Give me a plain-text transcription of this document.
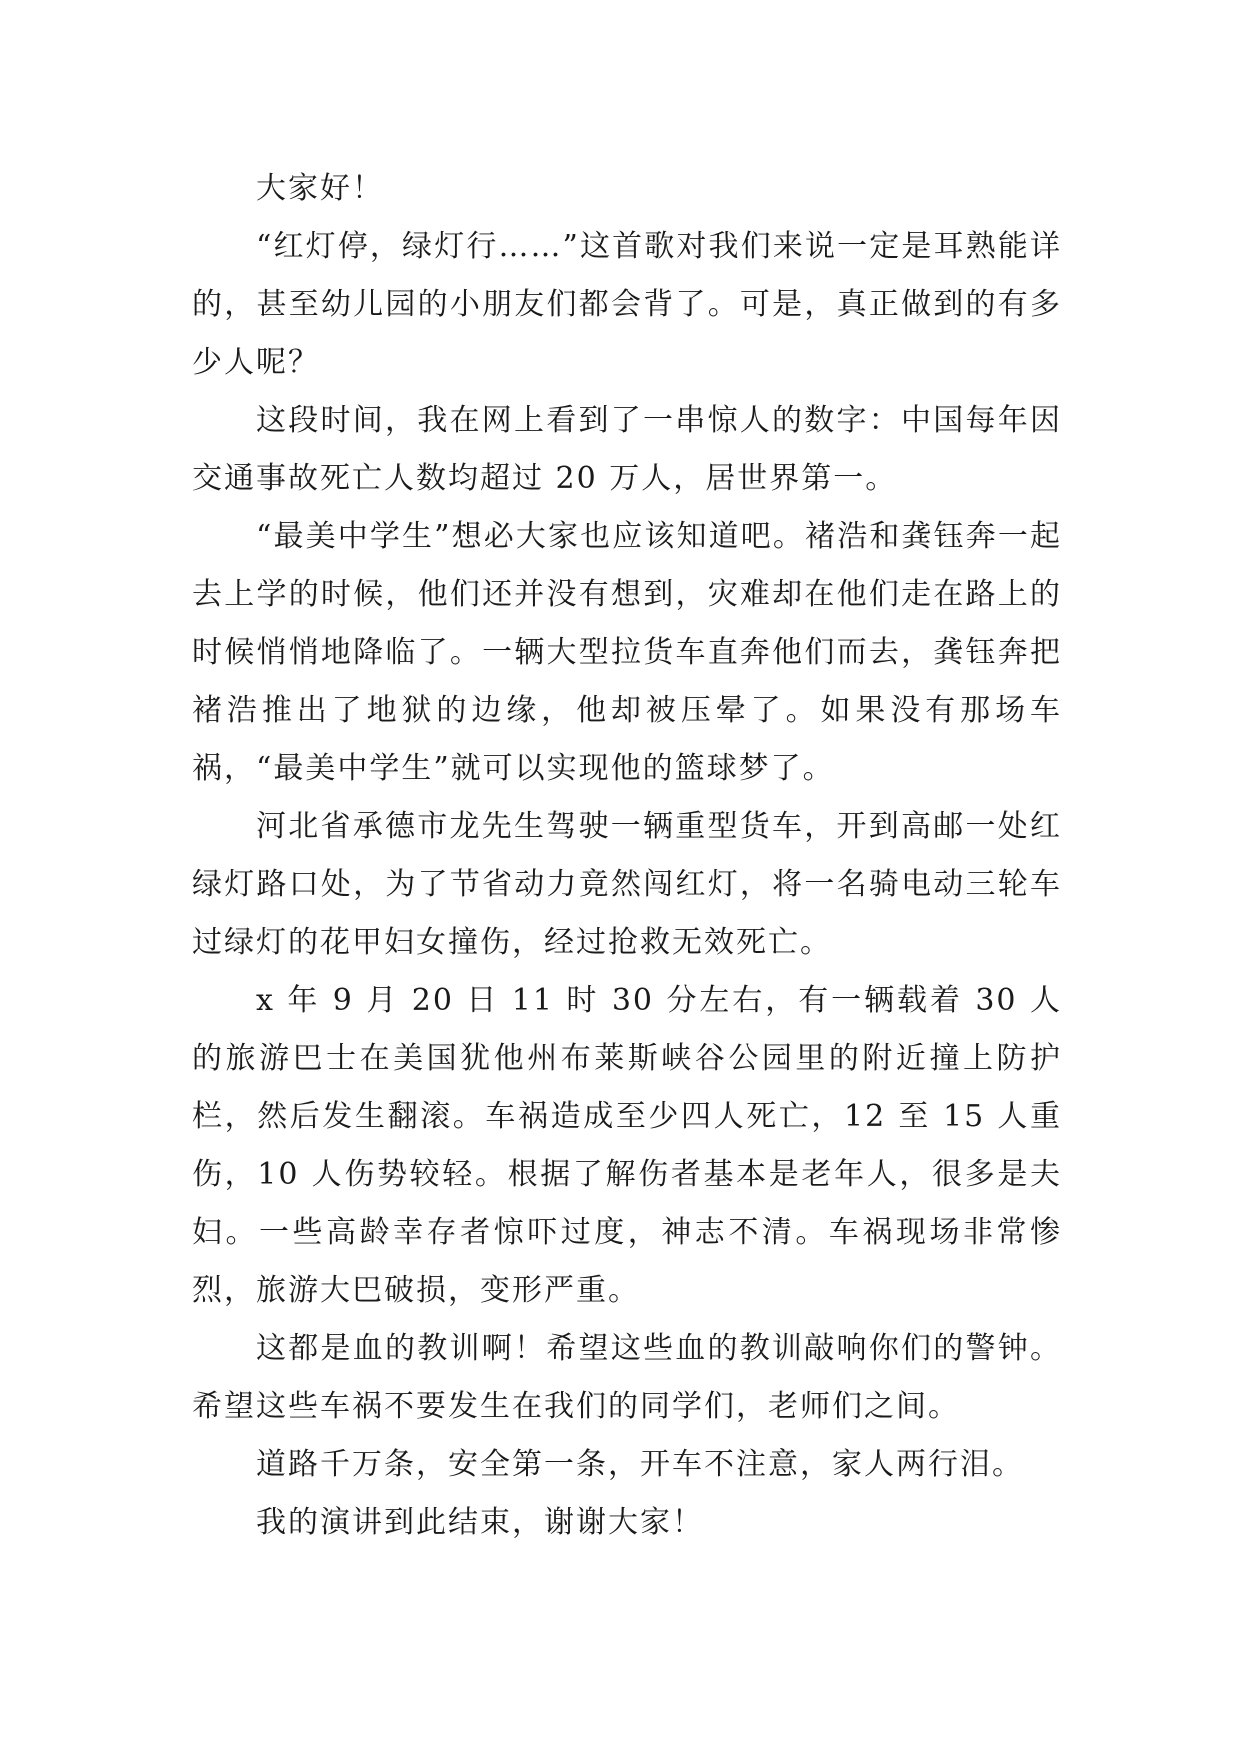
大家好！

“红灯停，绿灯行……”这首歌对我们来说一定是耳熟能详的，甚至幼儿园的小朋友们都会背了。可是，真正做到的有多少人呢？

这段时间，我在网上看到了一串惊人的数字：中国每年因交通事故死亡人数均超过 20 万人，居世界第一。

“最美中学生”想必大家也应该知道吧。褚浩和龚钰奔一起去上学的时候，他们还并没有想到，灾难却在他们走在路上的时候悄悄地降临了。一辆大型拉货车直奔他们而去，龚钰奔把褚浩推出了地狱的边缘，他却被压晕了。如果没有那场车祸，“最美中学生”就可以实现他的篮球梦了。

河北省承德市龙先生驾驶一辆重型货车，开到高邮一处红绿灯路口处，为了节省动力竟然闯红灯，将一名骑电动三轮车过绿灯的花甲妇女撞伤，经过抢救无效死亡。

x 年 9 月 20 日 11 时 30 分左右，有一辆载着 30 人的旅游巴士在美国犹他州布莱斯峡谷公园里的附近撞上防护栏，然后发生翻滚。车祸造成至少四人死亡，12 至 15 人重伤，10 人伤势较轻。根据了解伤者基本是老年人，很多是夫妇。一些高龄幸存者惊吓过度，神志不清。车祸现场非常惨烈，旅游大巴破损，变形严重。

这都是血的教训啊！希望这些血的教训敲响你们的警钟。希望这些车祸不要发生在我们的同学们，老师们之间。

道路千万条，安全第一条，开车不注意，家人两行泪。

我的演讲到此结束，谢谢大家！
